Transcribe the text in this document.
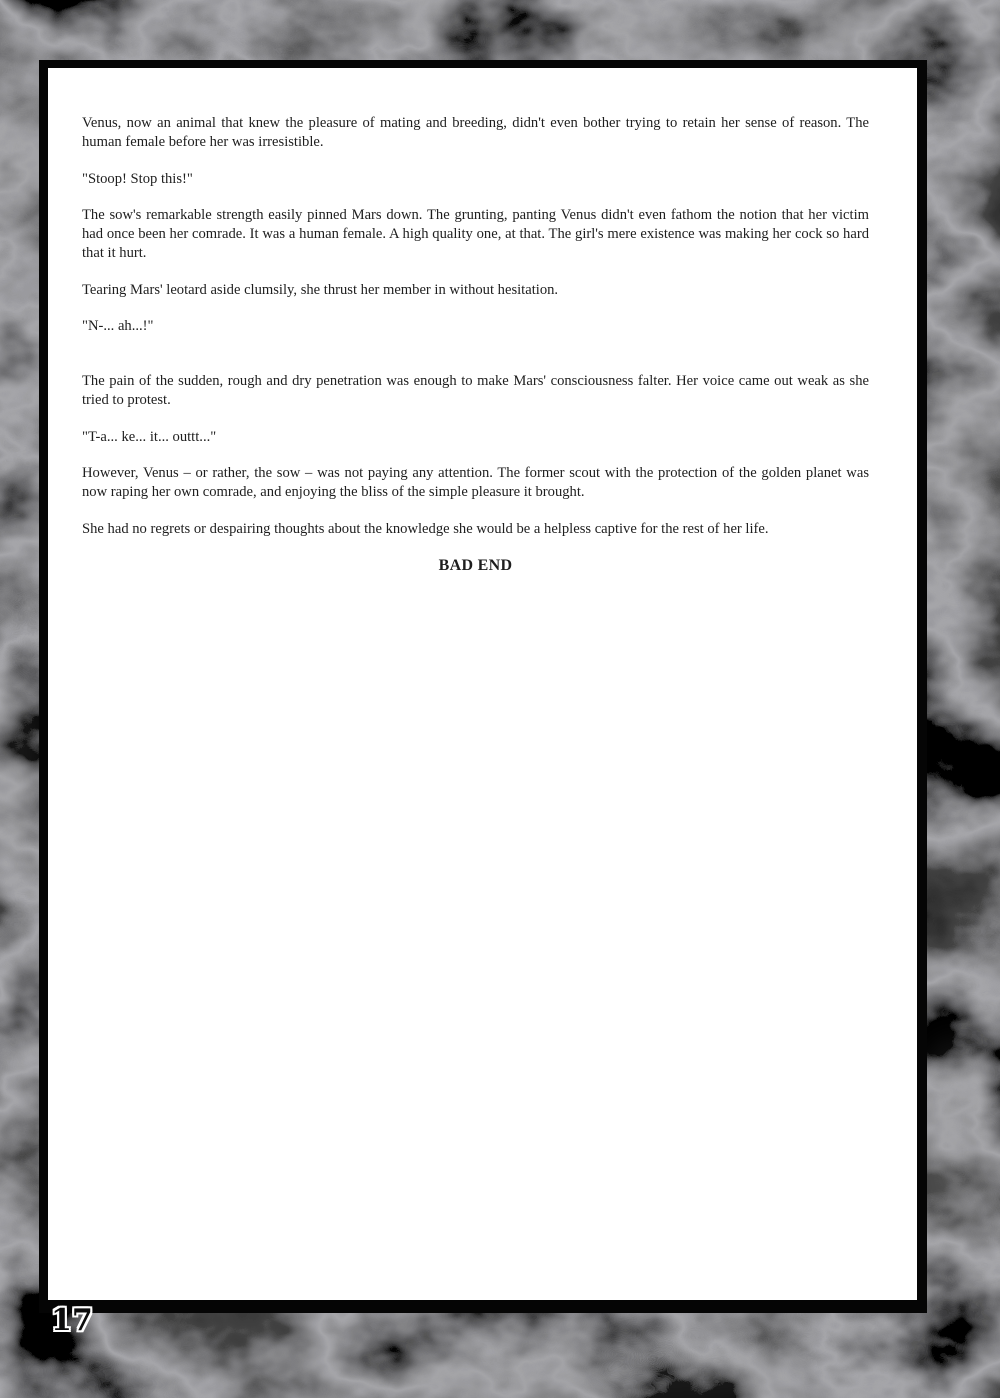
Venus, now an animal that knew the pleasure of mating and breeding, didn't even bother trying to retain her sense of reason. The human female before her was irresistible.

"Stoop! Stop this!"

The sow's remarkable strength easily pinned Mars down. The grunting, panting Venus didn't even fathom the notion that her victim had once been her comrade. It was a human female. A high quality one, at that. The girl's mere existence was making her cock so hard that it hurt.

Tearing Mars' leotard aside clumsily, she thrust her member in without hesitation.

"N-... ah...!"

The pain of the sudden, rough and dry penetration was enough to make Mars' consciousness falter. Her voice came out weak as she tried to protest.

"T-a... ke... it... outtt..."

However, Venus – or rather, the sow – was not paying any attention. The former scout with the protection of the golden planet was now raping her own comrade, and enjoying the bliss of the simple pleasure it brought.

She had no regrets or despairing thoughts about the knowledge she would be a helpless captive for the rest of her life.

BAD END

17
